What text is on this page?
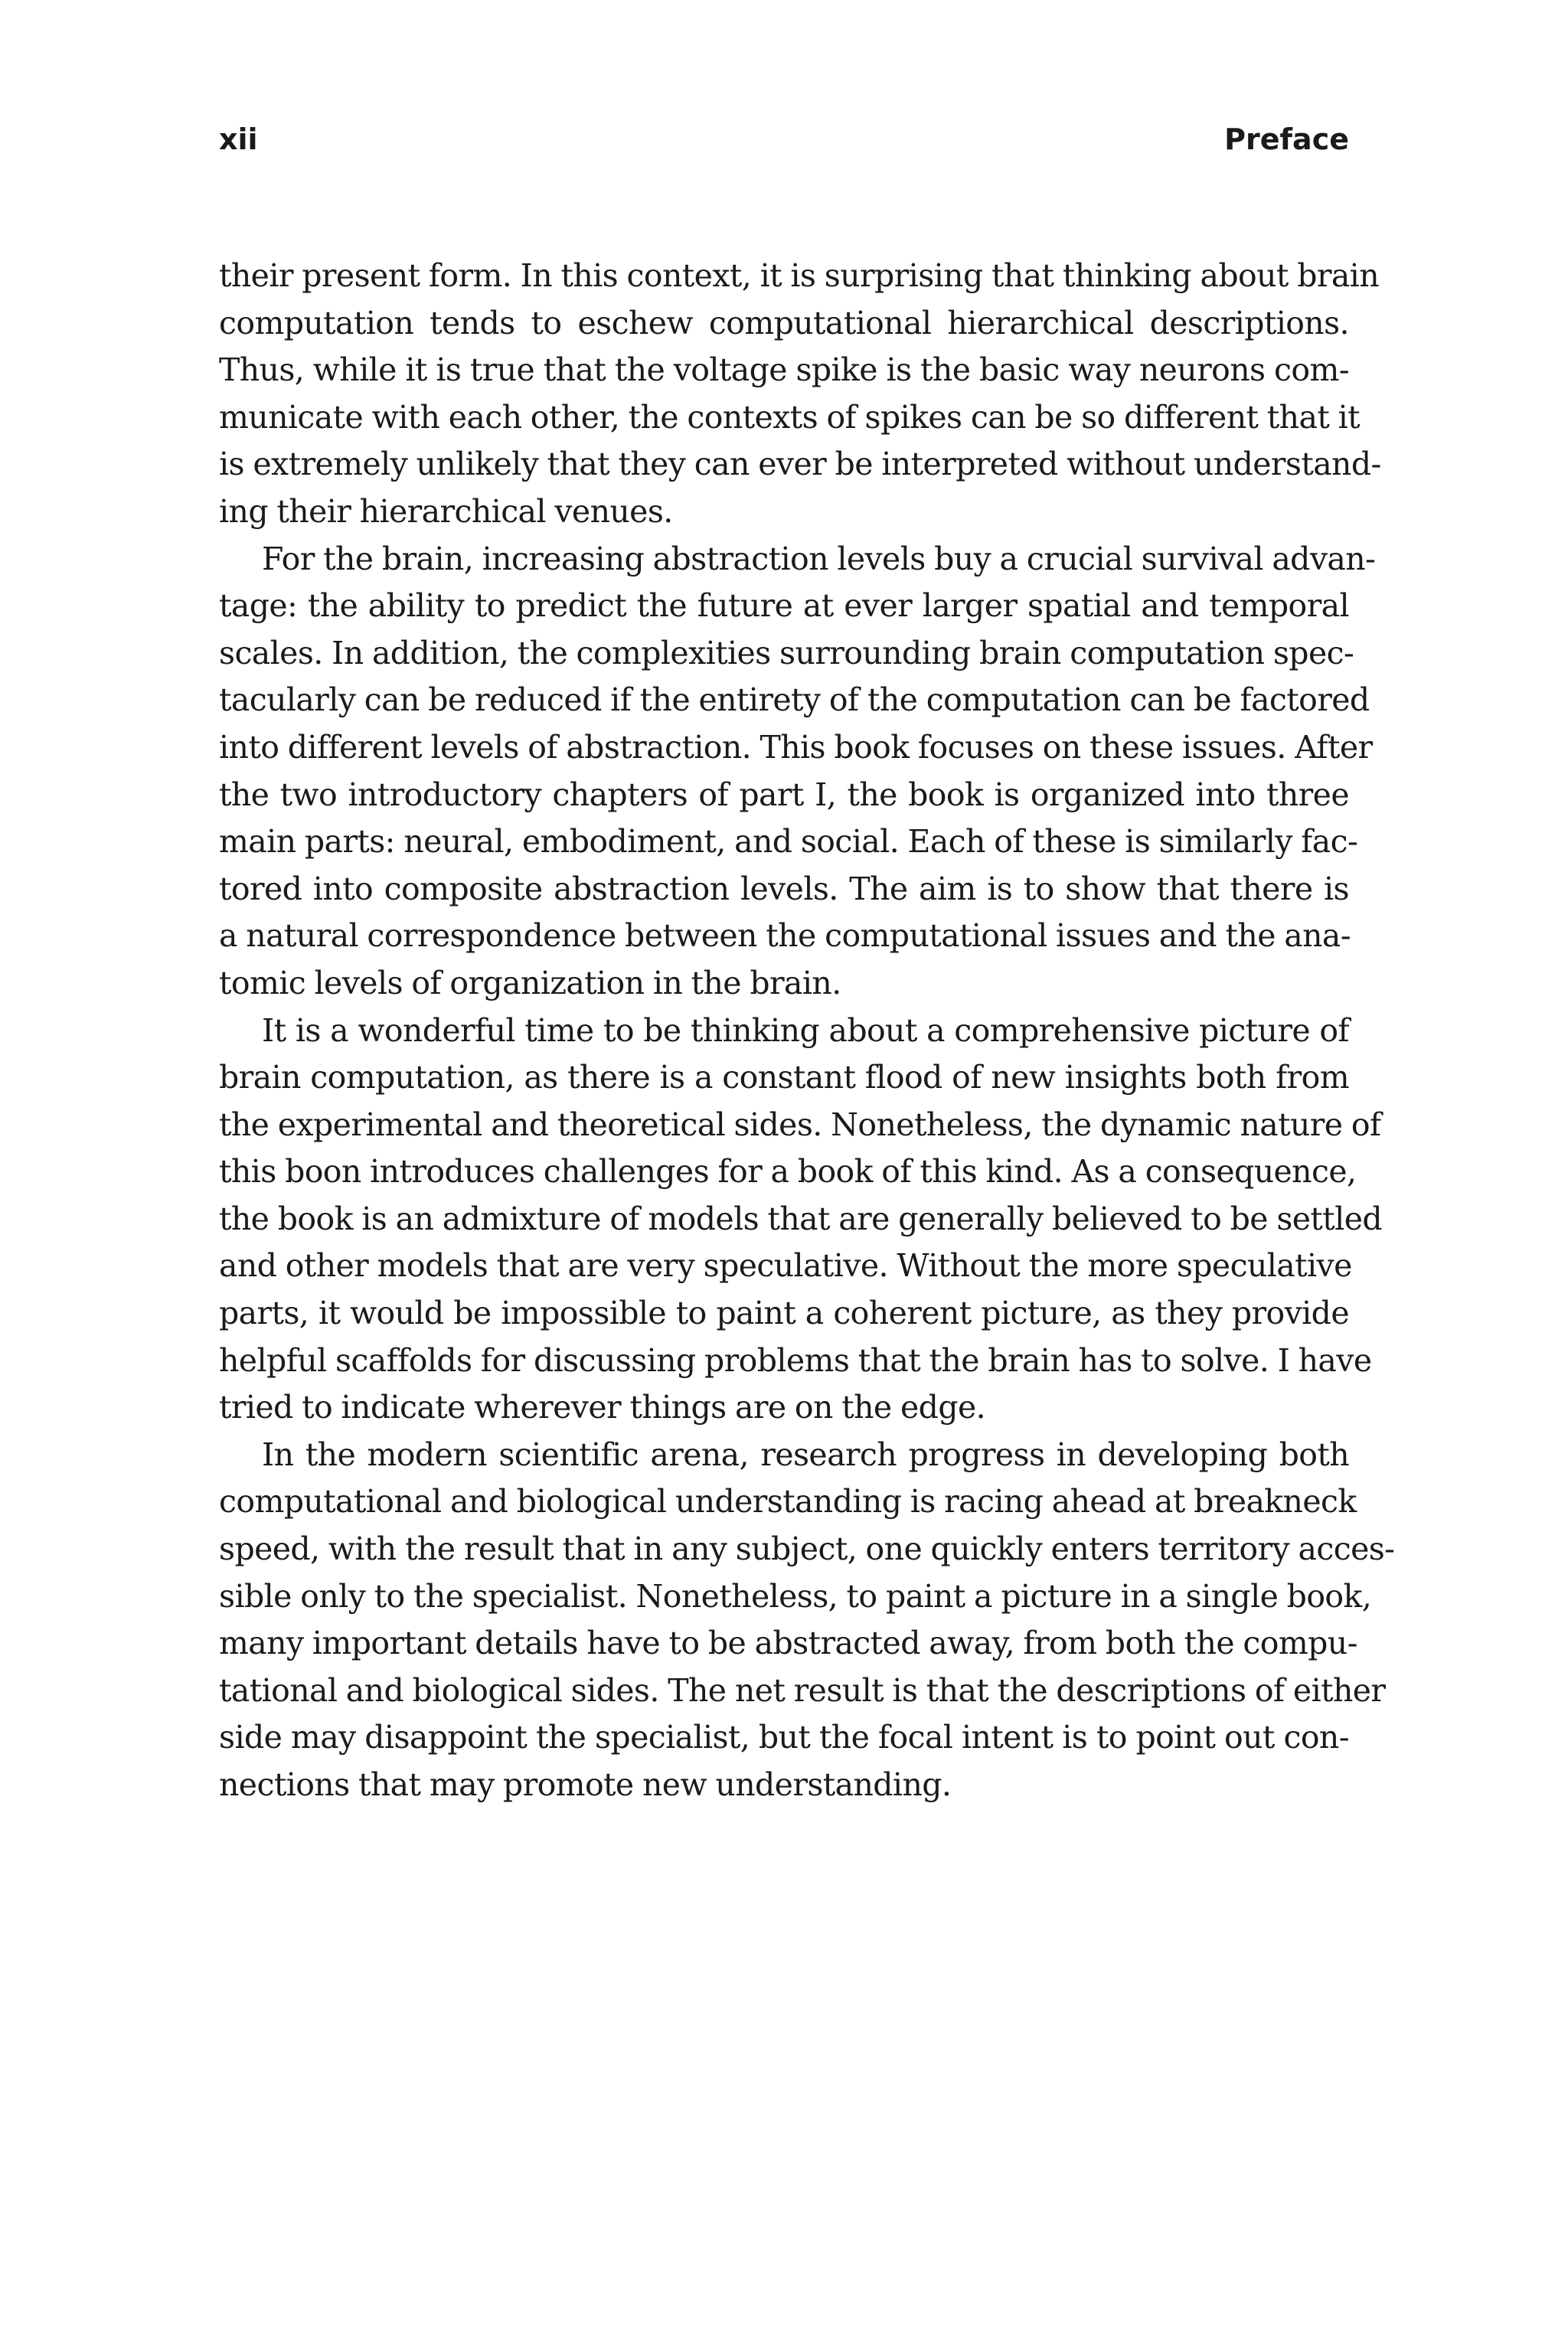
xii	Preface
their present form. In this context, it is surprising that thinking about brain
computation tends to eschew computational hierarchical descriptions.
Thus, while it is true that the voltage spike is the basic way neurons com-
municate with each other, the contexts of spikes can be so different that it
is extremely unlikely that they can ever be interpreted without understand-
ing their hierarchical venues.
For the brain, increasing abstraction levels buy a crucial survival advan-
tage: the ability to predict the future at ever larger spatial and temporal
scales. In addition, the complexities surrounding brain computation spec-
tacularly can be reduced if the entirety of the computation can be factored
into different levels of abstraction. This book focuses on these issues. After
the two introductory chapters of part I, the book is organized into three
main parts: neural, embodiment, and social. Each of these is similarly fac-
tored into composite abstraction levels. The aim is to show that there is
a natural correspondence between the computational issues and the ana-
tomic levels of organization in the brain.
It is a wonderful time to be thinking about a comprehensive picture of
brain computation, as there is a constant flood of new insights both from
the experimental and theoretical sides. Nonetheless, the dynamic nature of
this boon introduces challenges for a book of this kind. As a consequence,
the book is an admixture of models that are generally believed to be settled
and other models that are very speculative. Without the more speculative
parts, it would be impossible to paint a coherent picture, as they provide
helpful scaffolds for discussing problems that the brain has to solve. I have
tried to indicate wherever things are on the edge.
In the modern scientific arena, research progress in developing both
computational and biological understanding is racing ahead at breakneck
speed, with the result that in any subject, one quickly enters territory acces-
sible only to the specialist. Nonetheless, to paint a picture in a single book,
many important details have to be abstracted away, from both the compu-
tational and biological sides. The net result is that the descriptions of either
side may disappoint the specialist, but the focal intent is to point out con-
nections that may promote new understanding.
